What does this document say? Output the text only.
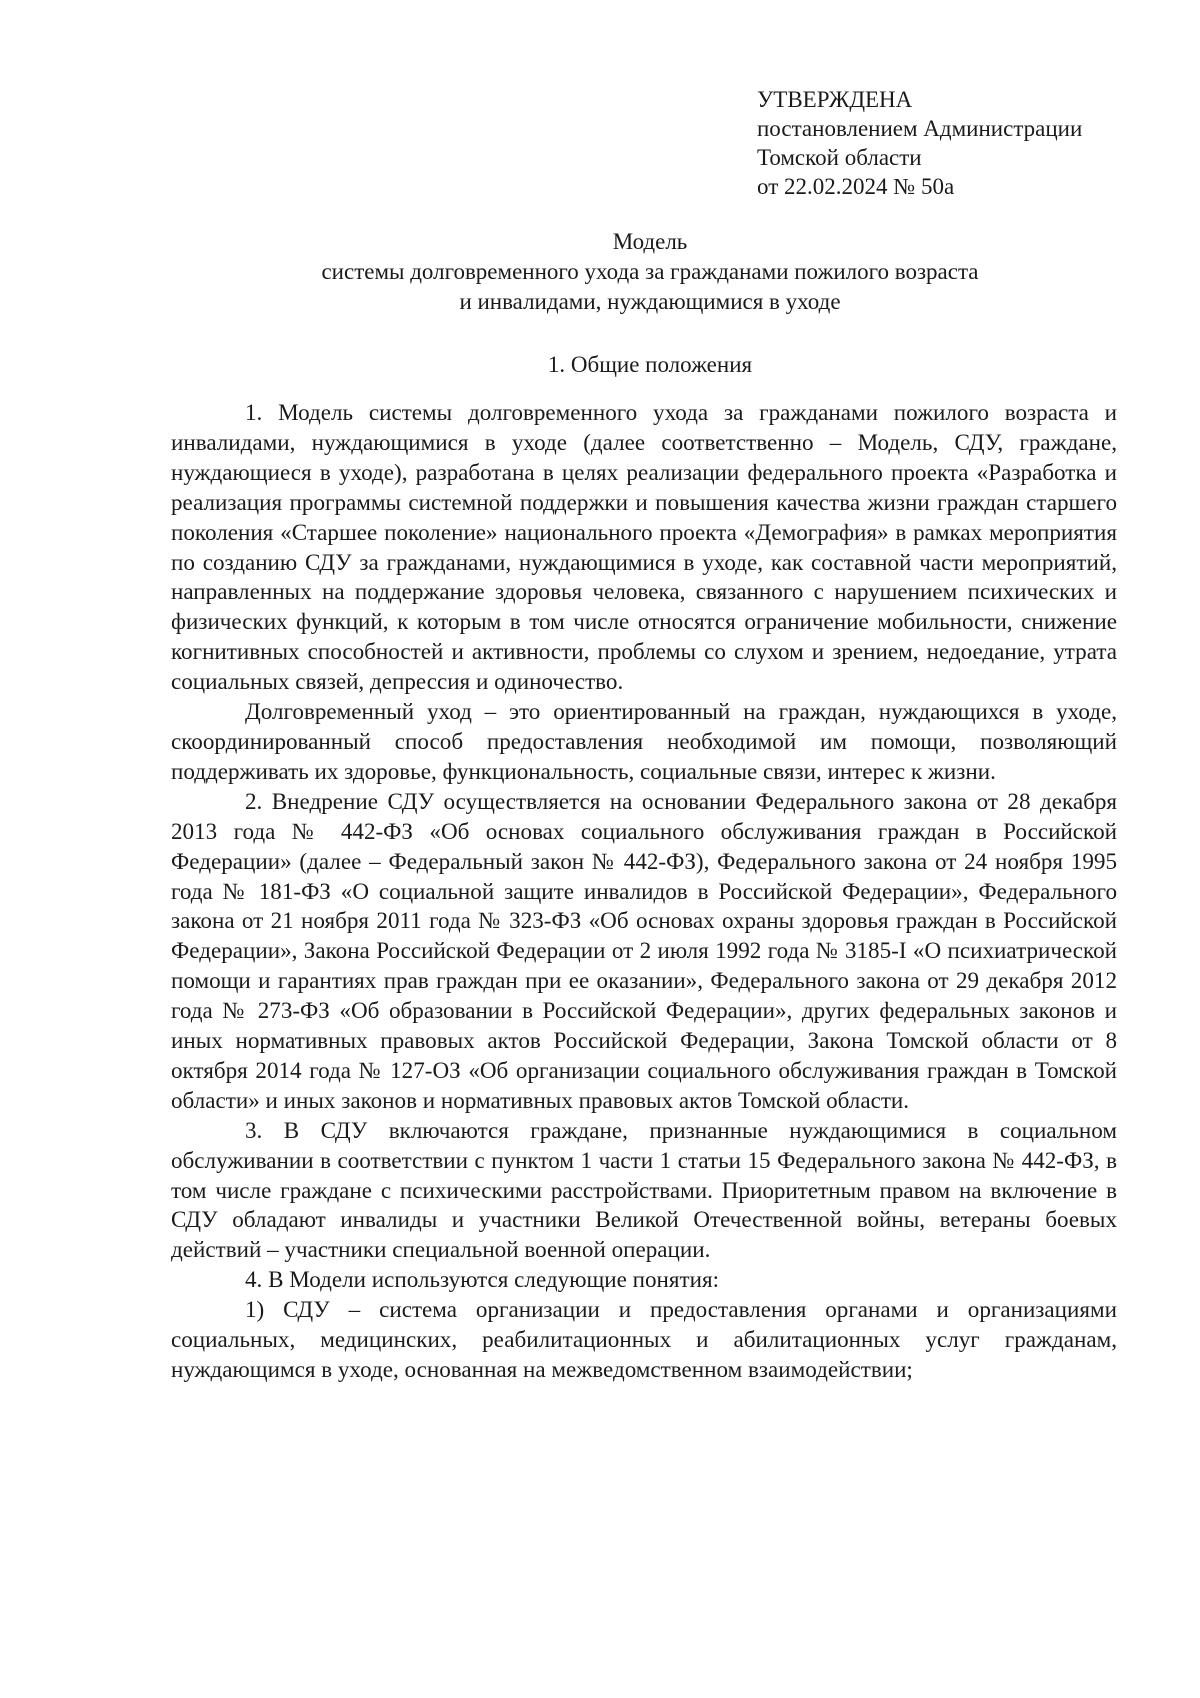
УТВЕРЖДЕНА
постановлением Администрации
Томской области
от 22.02.2024 № 50а
Модель
системы долговременного ухода за гражданами пожилого возраста
и инвалидами, нуждающимися в уходе
1. Общие положения

1. Модель системы долговременного ухода за гражданами пожилого возраста и инвалидами, нуждающимися в уходе (далее соответственно – Модель, СДУ, граждане, нуждающиеся в уходе), разработана в целях реализации федерального проекта «Разработка и реализация программы системной поддержки и повышения качества жизни граждан старшего поколения «Старшее поколение» национального проекта «Демография» в рамках мероприятия по созданию СДУ за гражданами, нуждающимися в уходе, как составной части мероприятий, направленных на поддержание здоровья человека, связанного с нарушением психических и физических функций, к которым в том числе относятся ограничение мобильности, снижение когнитивных способностей и активности, проблемы со слухом и зрением, недоедание, утрата социальных связей, депрессия и одиночество.

Долговременный уход – это ориентированный на граждан, нуждающихся в уходе, скоординированный способ предоставления необходимой им помощи, позволяющий поддерживать их здоровье, функциональность, социальные связи, интерес к жизни.

2. Внедрение СДУ осуществляется на основании Федерального закона от 28 декабря 2013 года № 442-ФЗ «Об основах социального обслуживания граждан в Российской Федерации» (далее – Федеральный закон № 442-ФЗ), Федерального закона от 24 ноября 1995 года № 181-ФЗ «О социальной защите инвалидов в Российской Федерации», Федерального закона от 21 ноября 2011 года № 323-ФЗ «Об основах охраны здоровья граждан в Российской Федерации», Закона Российской Федерации от 2 июля 1992 года № 3185-I «О психиатрической помощи и гарантиях прав граждан при ее оказании», Федерального закона от 29 декабря 2012 года № 273-ФЗ «Об образовании в Российской Федерации», других федеральных законов и иных нормативных правовых актов Российской Федерации, Закона Томской области от 8 октября 2014 года № 127-ОЗ «Об организации социального обслуживания граждан в Томской области» и иных законов и нормативных правовых актов Томской области.

3. В СДУ включаются граждане, признанные нуждающимися в социальном обслуживании в соответствии с пунктом 1 части 1 статьи 15 Федерального закона № 442-ФЗ, в том числе граждане с психическими расстройствами. Приоритетным правом на включение в СДУ обладают инвалиды и участники Великой Отечественной войны, ветераны боевых действий – участники специальной военной операции.

4. В Модели используются следующие понятия:

1) СДУ – система организации и предоставления органами и организациями социальных, медицинских, реабилитационных и абилитационных услуг гражданам, нуждающимся в уходе, основанная на межведомственном взаимодействии;
